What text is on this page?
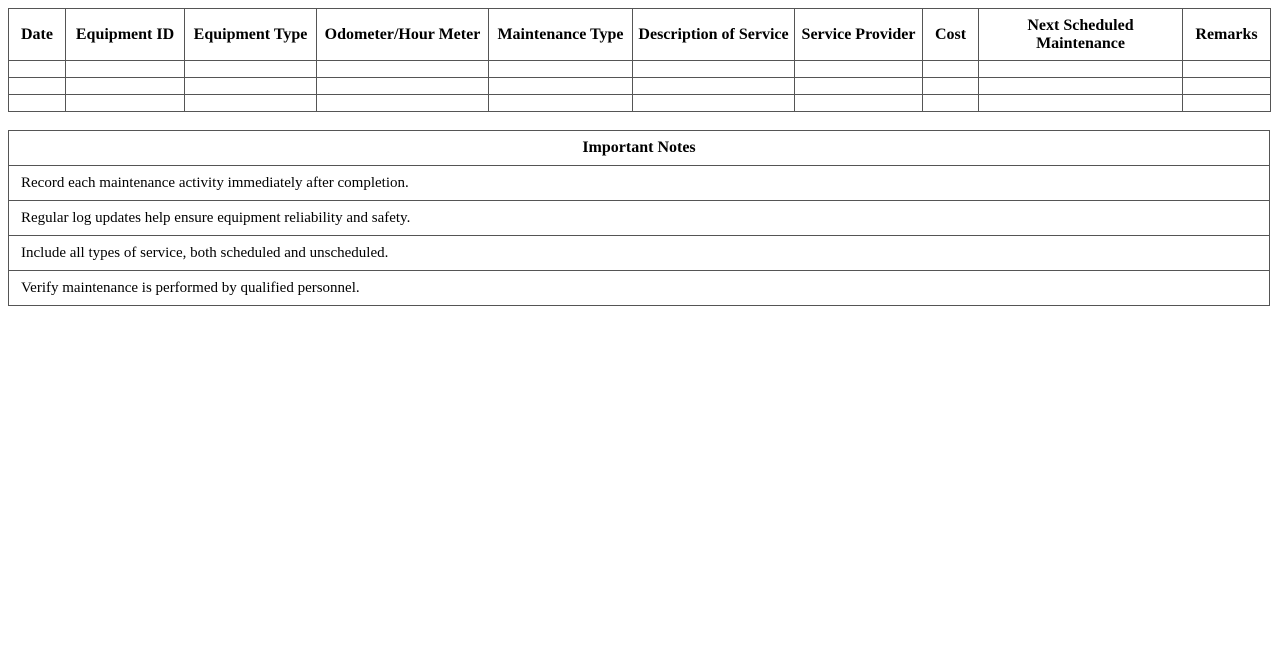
Date	Equipment ID	Equipment Type	Odometer/Hour Meter	Maintenance Type	Description of Service	Service Provider	Cost	Next Scheduled Maintenance	Remarks

Important Notes
Record each maintenance activity immediately after completion.
Regular log updates help ensure equipment reliability and safety.
Include all types of service, both scheduled and unscheduled.
Verify maintenance is performed by qualified personnel.
